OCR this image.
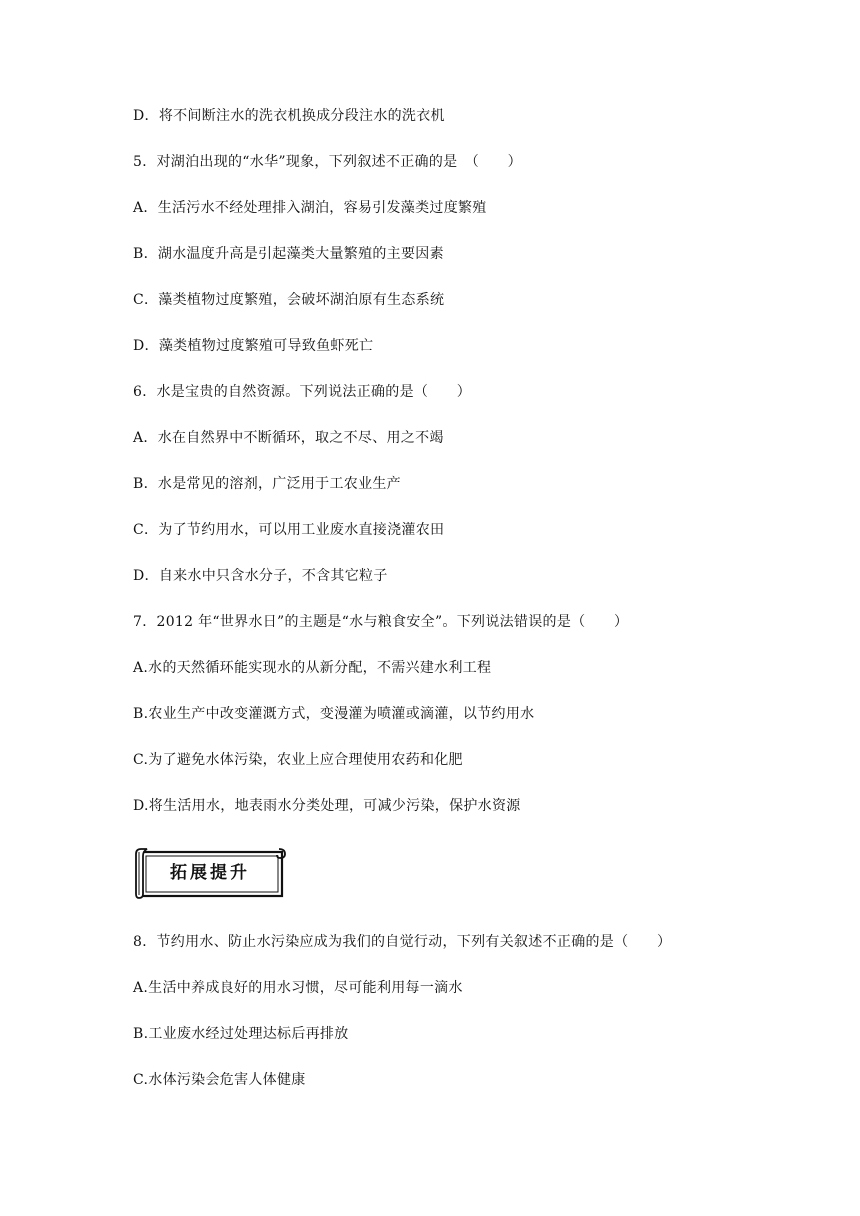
D．将不间断注水的洗衣机换成分段注水的洗衣机
5．对湖泊出现的“水华”现象，下列叙述不正确的是　（　　）
A．生活污水不经处理排入湖泊，容易引发藻类过度繁殖
B．湖水温度升高是引起藻类大量繁殖的主要因素
C．藻类植物过度繁殖，会破坏湖泊原有生态系统
D．藻类植物过度繁殖可导致鱼虾死亡
6．水是宝贵的自然资源。下列说法正确的是（　　）
A．水在自然界中不断循环，取之不尽、用之不竭
B．水是常见的溶剂，广泛用于工农业生产
C．为了节约用水，可以用工业废水直接浇灌农田
D．自来水中只含水分子，不含其它粒子
7．2012 年“世界水日”的主题是“水与粮食安全”。下列说法错误的是（　　）
A.水的天然循环能实现水的从新分配，不需兴建水利工程
B.农业生产中改变灌溉方式，变漫灌为喷灌或滴灌，以节约用水
C.为了避免水体污染，农业上应合理使用农药和化肥
D.将生活用水，地表雨水分类处理，可减少污染，保护水资源
拓展提升
8．节约用水、防止水污染应成为我们的自觉行动，下列有关叙述不正确的是（　　）
A.生活中养成良好的用水习惯，尽可能利用每一滴水
B.工业废水经过处理达标后再排放
C.水体污染会危害人体健康
